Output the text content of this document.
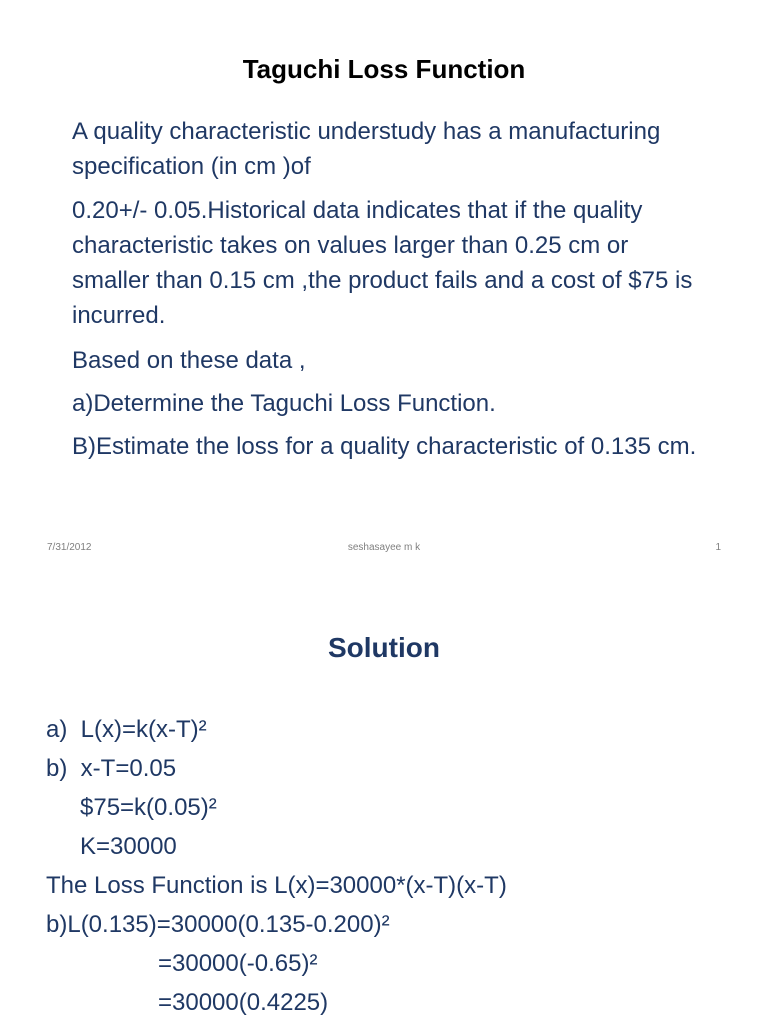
Taguchi Loss Function

A quality characteristic understudy has a manufacturing specification (in cm )of

0.20+/- 0.05.Historical data indicates that if the quality characteristic takes on values larger than 0.25 cm or smaller than 0.15 cm ,the product fails and a cost of $75 is incurred.

Based on these data ,

a)Determine the Taguchi Loss Function.

B)Estimate the loss for a quality characteristic of 0.135 cm.

7/31/2012	seshasayee m k	1
Solution
a)  L(x)=k(x-T)²
b)  x-T=0.05
$75=k(0.05)²
K=30000
The Loss Function is L(x)=30000*(x-T)(x-T)
b)L(0.135)=30000(0.135-0.200)²
=30000(-0.65)²
=30000(0.4225)
